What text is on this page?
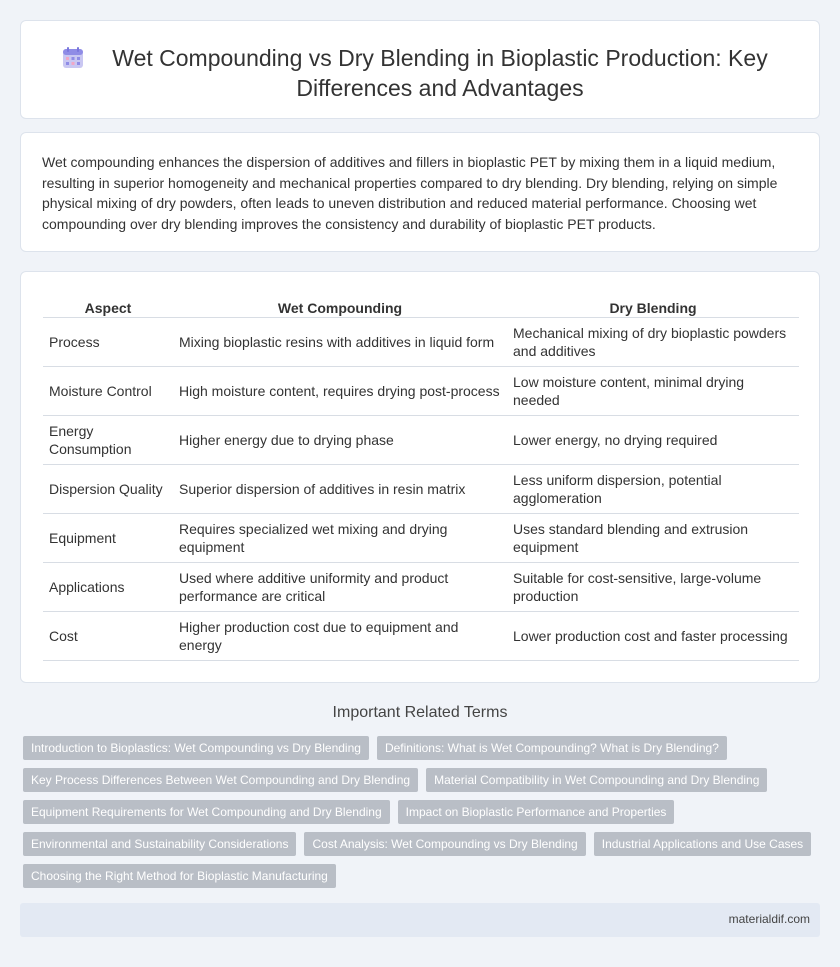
Wet Compounding vs Dry Blending in Bioplastic Production: Key Differences and Advantages

Wet compounding enhances the dispersion of additives and fillers in bioplastic PET by mixing them in a liquid medium, resulting in superior homogeneity and mechanical properties compared to dry blending. Dry blending, relying on simple physical mixing of dry powders, often leads to uneven distribution and reduced material performance. Choosing wet compounding over dry blending improves the consistency and durability of bioplastic PET products.

Aspect	Wet Compounding	Dry Blending
Process	Mixing bioplastic resins with additives in liquid form	Mechanical mixing of dry bioplastic powders and additives
Moisture Control	High moisture content, requires drying post-process	Low moisture content, minimal drying needed
Energy Consumption	Higher energy due to drying phase	Lower energy, no drying required
Dispersion Quality	Superior dispersion of additives in resin matrix	Less uniform dispersion, potential agglomeration
Equipment	Requires specialized wet mixing and drying equipment	Uses standard blending and extrusion equipment
Applications	Used where additive uniformity and product performance are critical	Suitable for cost-sensitive, large-volume production
Cost	Higher production cost due to equipment and energy	Lower production cost and faster processing
Important Related Terms
Introduction to Bioplastics: Wet Compounding vs Dry Blending	Definitions: What is Wet Compounding? What is Dry Blending?
Key Process Differences Between Wet Compounding and Dry Blending	Material Compatibility in Wet Compounding and Dry Blending
Equipment Requirements for Wet Compounding and Dry Blending	Impact on Bioplastic Performance and Properties
Environmental and Sustainability Considerations	Cost Analysis: Wet Compounding vs Dry Blending	Industrial Applications and Use Cases
Choosing the Right Method for Bioplastic Manufacturing
materialdif.com
